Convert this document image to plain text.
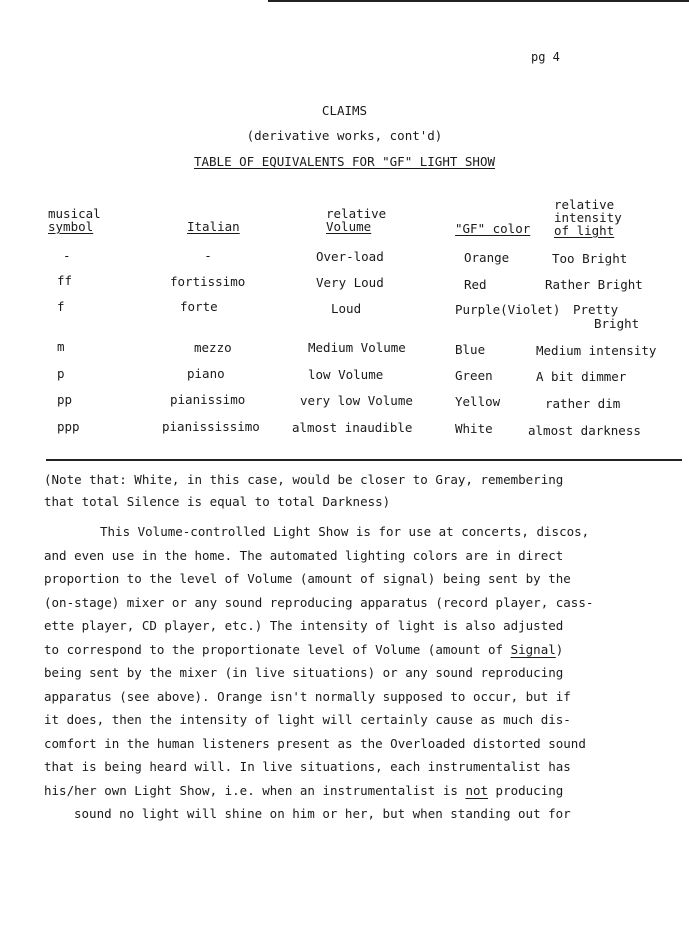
pg 4
CLAIMS
(derivative works, cont'd)
TABLE OF EQUIVALENTS FOR "GF" LIGHT SHOW
musical
symbol	Italian
relative
Volume	"GF" color
relative
intensity
of light
-	-	Over-load	Orange	Too Bright
ff	fortissimo	Very Loud	Red	Rather Bright
f	forte	Loud	Purple(Violet) Pretty
Bright
m	mezzo	Medium Volume	Blue	Medium intensity
p	piano	low Volume	Green	A bit dimmer
pp	pianissimo	very low Volume	Yellow	rather dim
ppp	pianississimo	almost inaudible	White	almost darkness
(Note that: White, in this case, would be closer to Gray, remembering
that total Silence is equal to total Darkness)
This Volume-controlled Light Show is for use at concerts, discos,
and even use in the home. The automated lighting colors are in direct
proportion to the level of Volume (amount of signal) being sent by the
(on-stage) mixer or any sound reproducing apparatus (record player, cass-
ette player, CD player, etc.) The intensity of light is also adjusted
to correspond to the proportionate level of Volume (amount of Signal)
being sent by the mixer (in live situations) or any sound reproducing
apparatus (see above). Orange isn't normally supposed to occur, but if
it does, then the intensity of light will certainly cause as much dis-
comfort in the human listeners present as the Overloaded distorted sound
that is being heard will. In live situations, each instrumentalist has
his/her own Light Show, i.e. when an instrumentalist is not producing
sound no light will shine on him or her, but when standing out for
